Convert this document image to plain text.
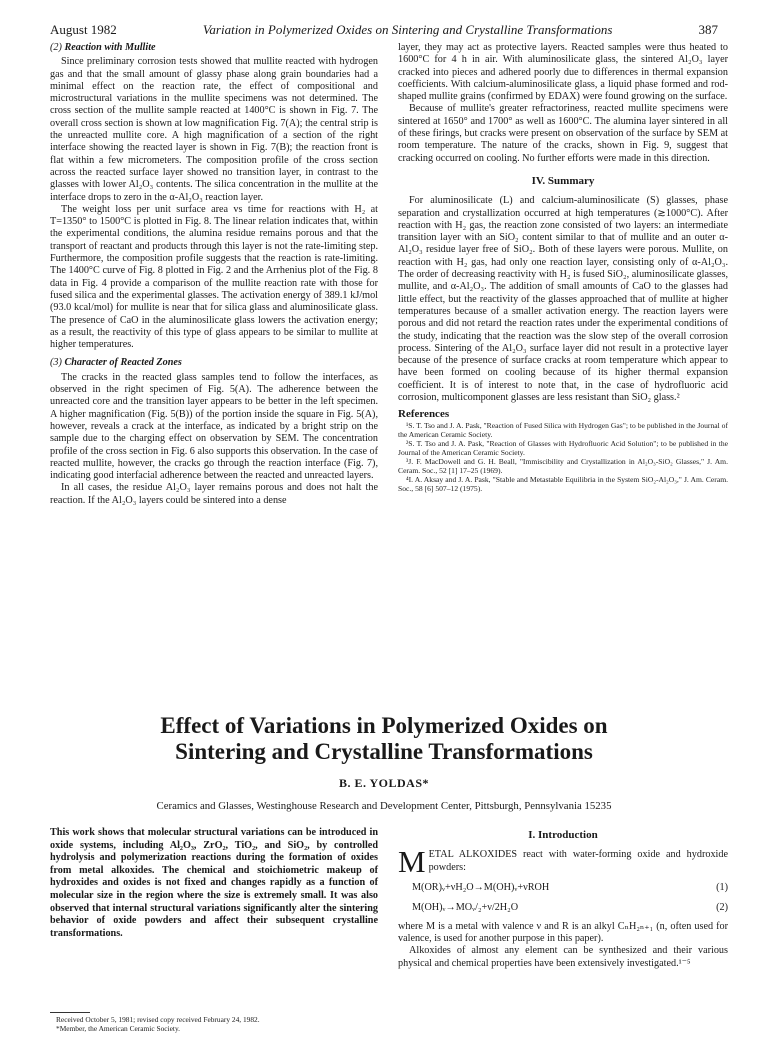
August 1982	Variation in Polymerized Oxides on Sintering and Crystalline Transformations	387
(2) Reaction with Mullite

Since preliminary corrosion tests showed that mullite reacted with hydrogen gas and that the small amount of glassy phase along grain boundaries had a minimal effect on the reaction rate, the effect of compositional and microstructural variations in the mullite specimens was not determined. The cross section of the mullite sample reacted at 1400°C is shown in Fig. 7. The overall cross section is shown at low magnification Fig. 7(A); the central strip is the unreacted mullite core. A high magnification of a section of the right interface showing the reacted layer is shown in Fig. 7(B); the reaction front is flat within a few micrometers. The composition profile of the cross section across the reacted surface layer showed no transition layer, in contrast to the glasses with lower Al₂O₃ contents. The silica concentration in the mullite at the interface drops to zero in the α-Al₂O₃ reaction layer.

The weight loss per unit surface area vs time for reactions with H₂ at T=1350° to 1500°C is plotted in Fig. 8. The linear relation indicates that, within the experimental conditions, the alumina residue remains porous and that the transport of reactant and products through this layer is not the rate-limiting step. Furthermore, the composition profile suggests that the reaction is rate-limiting. The 1400°C curve of Fig. 8 plotted in Fig. 2 and the Arrhenius plot of the Fig. 8 data in Fig. 4 provide a comparison of the mullite reaction rate with those for fused silica and the experimental glasses. The activation energy of 389.1 kJ/mol (93.0 kcal/mol) for mullite is near that for silica glass and aluminosilicate glass. The presence of CaO in the aluminosilicate glass lowers the activation energy; as a result, the reactivity of this type of glass appears to be similar to mullite at higher temperatures.

(3) Character of Reacted Zones

The cracks in the reacted glass samples tend to follow the interfaces, as observed in the right specimen of Fig. 5(A). The adherence between the unreacted core and the transition layer appears to be better in the left specimen. A higher magnification (Fig. 5(B)) of the portion inside the square in Fig. 5(A), however, reveals a crack at the interface, as indicated by a bright strip on the sample due to the charging effect on observation by SEM. The concentration profile of the cross section in Fig. 6 also supports this observation. In the case of reacted mullite, however, the cracks go through the reaction interface (Fig. 7), indicating good interfacial adherence between the reacted and unreacted layers.

In all cases, the residue Al₂O₃ layer remains porous and does not halt the reaction. If the Al₂O₃ layers could be sintered into a dense

layer, they may act as protective layers. Reacted samples were thus heated to 1600°C for 4 h in air. With aluminosilicate glass, the sintered Al₂O₃ layer cracked into pieces and adhered poorly due to differences in thermal expansion coefficients. With calcium-aluminosilicate glass, a liquid phase formed and rod-shaped mullite grains (confirmed by EDAX) were found growing on the surface.

Because of mullite's greater refractoriness, reacted mullite specimens were sintered at 1650° and 1700° as well as 1600°C. The alumina layer sintered in all of these firings, but cracks were present on observation of the surface by SEM at room temperature. The nature of the cracks, shown in Fig. 9, suggest that cracking occurred on cooling. No further efforts were made in this direction.

IV. Summary

For aluminosilicate (L) and calcium-aluminosilicate (S) glasses, phase separation and crystallization occurred at high temperatures (≳1000°C). After reaction with H₂ gas, the reaction zone consisted of two layers: an intermediate transition layer with an SiO₂ content similar to that of mullite and an outer α-Al₂O₃ residue layer free of SiO₂. Both of these layers were porous. Mullite, on reaction with H₂ gas, had only one reaction layer, consisting only of α-Al₂O₃. The order of decreasing reactivity with H₂ is fused SiO₂, aluminosilicate glasses, mullite, and α-Al₂O₃. The addition of small amounts of CaO to the glasses had little effect, but the reactivity of the glasses approached that of mullite at higher temperatures because of a smaller activation energy. The reaction layers were porous and did not retard the reaction rates under the experimental conditions of the study, indicating that the reaction was the slow step of the overall corrosion process. Sintering of the Al₂O₃ surface layer did not result in a protective layer because of the presence of surface cracks at room temperature which appear to have been formed on cooling because of its higher thermal expansion coefficient. It is of interest to note that, in the case of hydrofluoric acid corrosion, multicomponent glasses are less resistant than SiO₂ glass.²

References

¹S. T. Tso and J. A. Pask, "Reaction of Fused Silica with Hydrogen Gas"; to be published in the Journal of the American Ceramic Society.

²S. T. Tso and J. A. Pask, "Reaction of Glasses with Hydrofluoric Acid Solution"; to be published in the Journal of the American Ceramic Society.

³J. F. MacDowell and G. H. Beall, "Immiscibility and Crystallization in Al₂O₃-SiO₂ Glasses," J. Am. Ceram. Soc., 52 [1] 17–25 (1969).

⁴I. A. Aksay and J. A. Pask, "Stable and Metastable Equilibria in the System SiO₂-Al₂O₃," J. Am. Ceram. Soc., 58 [6] 507–12 (1975).

Effect of Variations in Polymerized Oxides on
Sintering and Crystalline Transformations
B. E. YOLDAS*
Ceramics and Glasses, Westinghouse Research and Development Center, Pittsburgh, Pennsylvania 15235
This work shows that molecular structural variations can be introduced in oxide systems, including Al₂O₃, ZrO₂, TiO₂, and SiO₂, by controlled hydrolysis and polymerization reactions during the formation of oxides from metal alkoxides. The chemical and stoichiometric makeup of hydroxides and oxides is not fixed and changes rapidly as a function of molecular size in the region where the size is extremely small. It was also observed that internal structural variations significantly alter the sintering behavior of oxide powders and affect their subsequent crystalline transformations.
Received October 5, 1981; revised copy received February 24, 1982.
*Member, the American Ceramic Society.
I. Introduction
M ETAL ALKOXIDES react with water-forming oxide and hydroxide powders:
M(OR)ᵥ+νH₂O→M(OH)ᵥ+νROH	(1)
M(OH)ᵥ→MOᵥ/₂+ν/2H₂O	(2)

where M is a metal with valence ν and R is an alkyl CₙH₂ₙ₊₁ (n, often used for valence, is used for another purpose in this paper).

Alkoxides of almost any element can be synthesized and their various physical and chemical properties have been extensively investigated.¹⁻⁵
